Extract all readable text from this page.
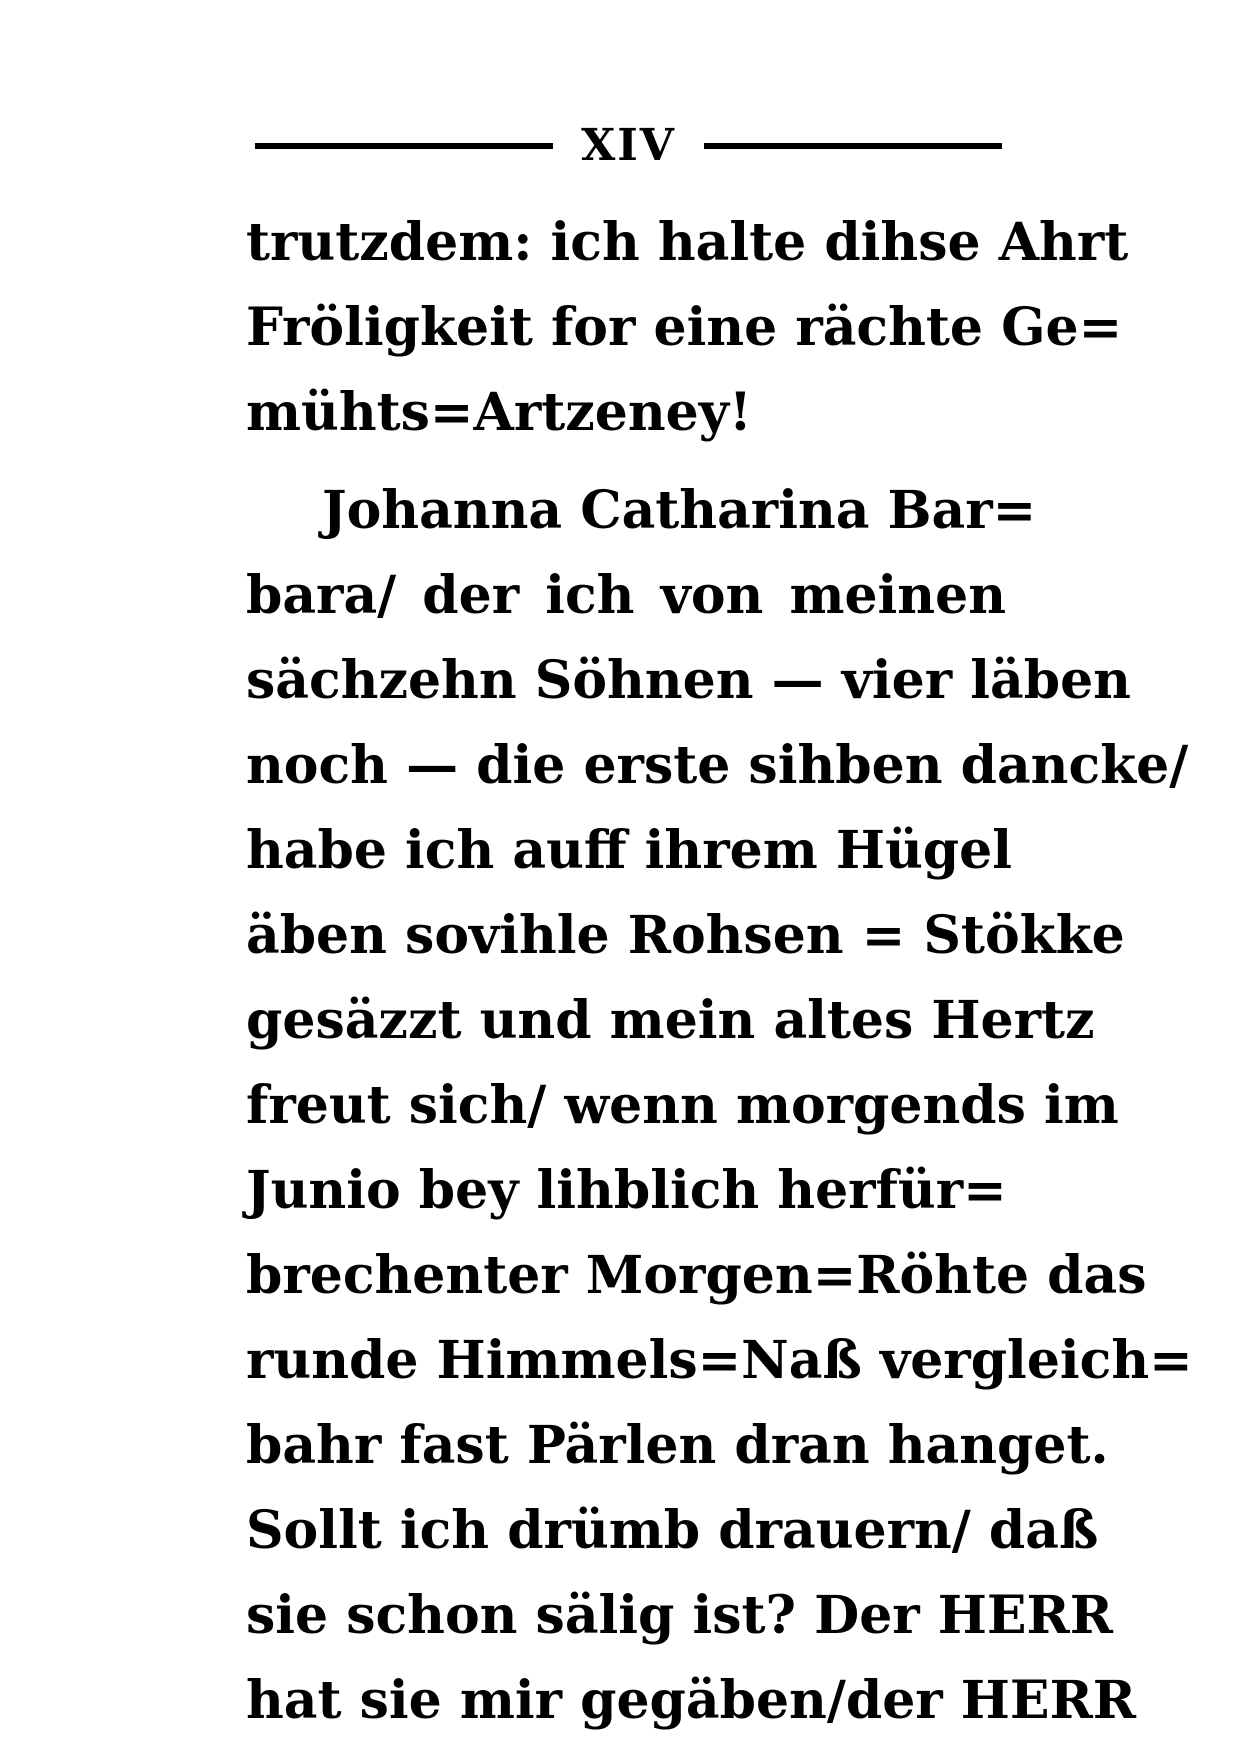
XIV
trutzdem: ich halte dihse Ahrt
Fröligkeit for eine rächte Ge=
mühts=Artzeney!
Johanna Catharina Bar=
bara/ der ich von meinen
sächzehn Söhnen — vier läben
noch — die erste sihben dancke/
habe ich auff ihrem Hügel
äben sovihle Rohsen = Stökke
gesäzzt und mein altes Hertz
freut sich/ wenn morgends im
Junio bey lihblich herfür=
brechenter Morgen=Röhte das
runde Himmels=Naß vergleich=
bahr fast Pärlen dran hanget.
Sollt ich drümb drauern/ daß
sie schon sälig ist? Der HERR
hat sie mir gegäben/der HERR
